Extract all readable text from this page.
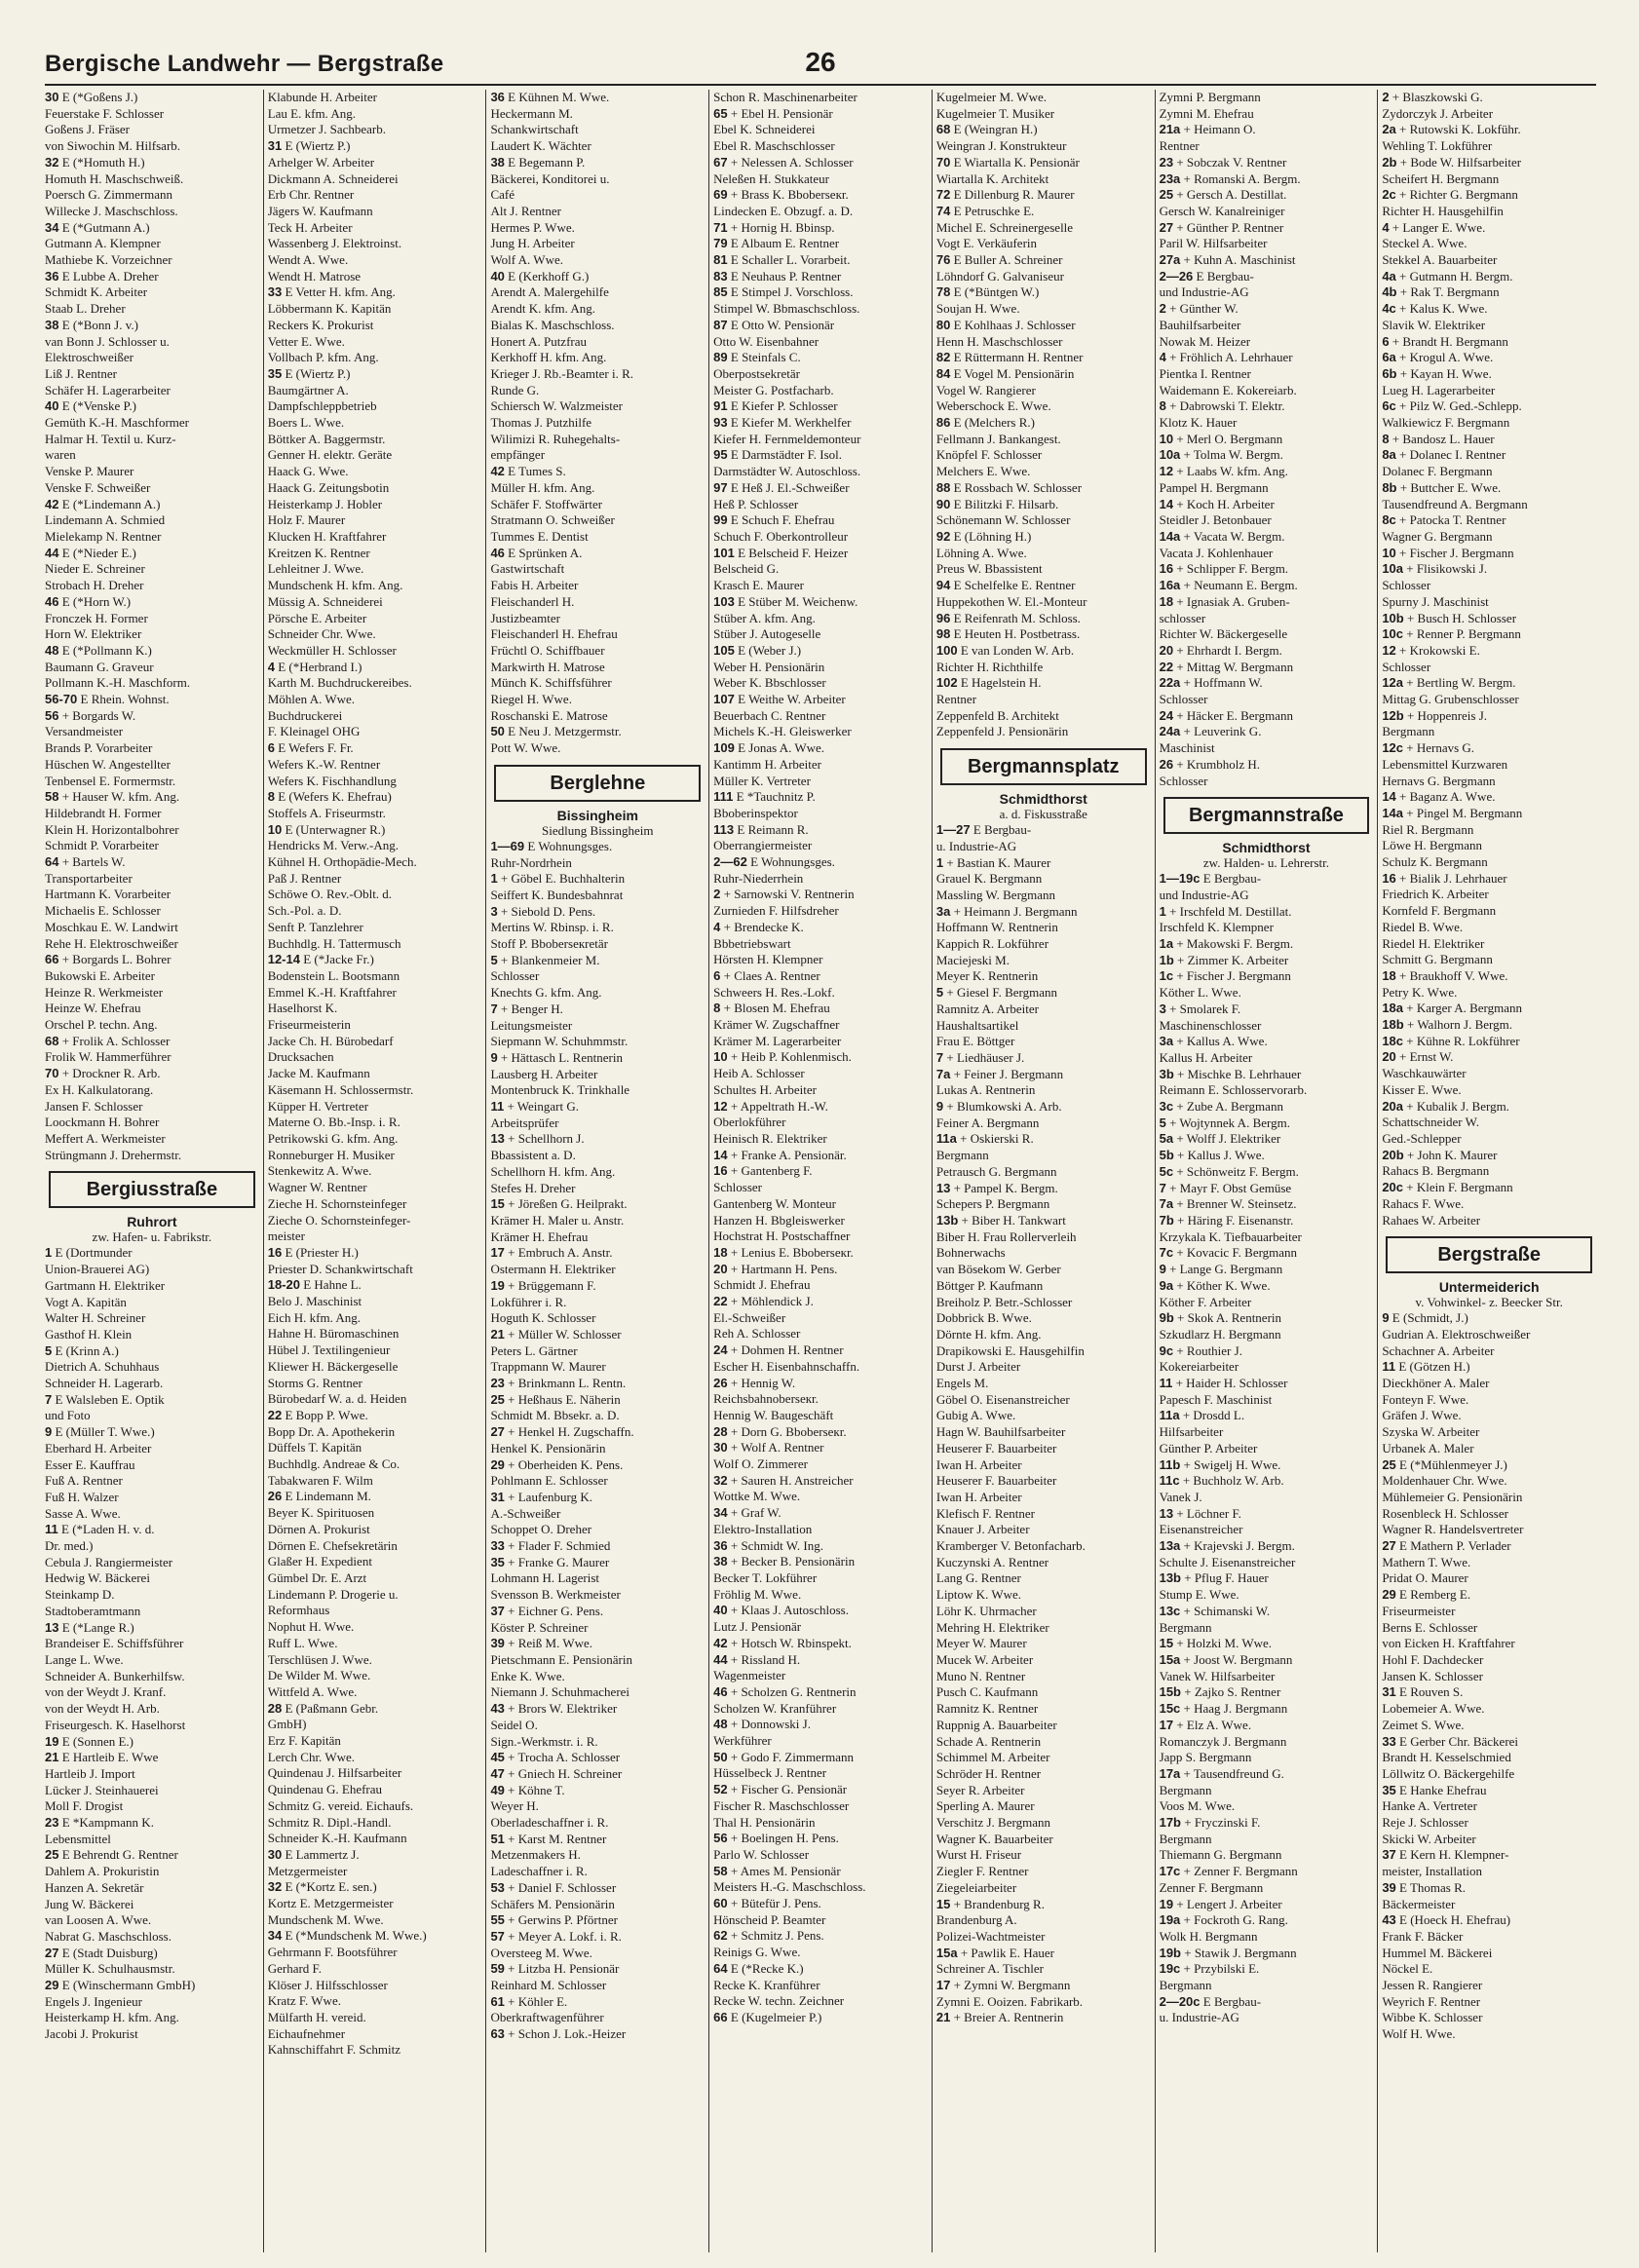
Bergische Landwehr — Bergstraße	26
30 E (*Goßens J.)
Feuerstake F. Schlosser
Goßens J. Fräser
von Siwochin M. Hilfsarb.
32 E (*Homuth H.)
Homuth H. Maschschweiß.
Poersch G. Zimmermann
Willecke J. Maschschloss.
34 E (*Gutmann A.)
Gutmann A. Klempner
Mathiebe K. Vorzeichner
36 E Lubbe A. Dreher
Schmidt K. Arbeiter
Staab L. Dreher
38 E (*Bonn J. v.)
van Bonn J. Schlosser u.
Elektroschweißer
Liß J. Rentner
Schäfer H. Lagerarbeiter
40 E (*Venske P.)
Gemüth K.-H. Maschformer
Halmar H. Textil u. Kurz-
waren
Venske P. Maurer
Venske F. Schweißer
42 E (*Lindemann A.)
Lindemann A. Schmied
Mielekamp N. Rentner
44 E (*Nieder E.)
Nieder E. Schreiner
Strobach H. Dreher
46 E (*Horn W.)
Fronczek H. Former
Horn W. Elektriker
48 E (*Pollmann K.)
Baumann G. Graveur
Pollmann K.-H. Maschform.
56-70 E Rhein. Wohnst.
56 + Borgards W.
Versandmeister
Brands P. Vorarbeiter
Hüschen W. Angestellter
Tenbensel E. Formermstr.
58 + Hauser W. kfm. Ang.
Hildebrandt H. Former
Klein H. Horizontalbohrer
Schmidt P. Vorarbeiter
64 + Bartels W.
Transportarbeiter
Hartmann K. Vorarbeiter
Michaelis E. Schlosser
Moschkau E. W. Landwirt
Rehe H. Elektroschweißer
66 + Borgards L. Bohrer
Bukowski E. Arbeiter
Heinze R. Werkmeister
Heinze W. Ehefrau
Orschel P. techn. Ang.
68 + Frolik A. Schlosser
Frolik W. Hammerführer
70 + Drockner R. Arb.
Ex H. Kalkulatorang.
Jansen F. Schlosser
Loockmann H. Bohrer
Meffert A. Werkmeister
Strüngmann J. Drehermstr.
Bergiusstraße
Ruhrort
zw. Hafen- u. Fabrikstr.
1 E (Dortmunder
Union-Brauerei AG)
Gartmann H. Elektriker
Vogt A. Kapitän
Walter H. Schreiner
Gasthof H. Klein
5 E (Krinn A.)
Dietrich A. Schuhhaus
Schneider H. Lagerarb.
7 E Walsleben E. Optik
und Foto
9 E (Müller T. Wwe.)
Eberhard H. Arbeiter
Esser E. Kauffrau
Fuß A. Rentner
Fuß H. Walzer
Sasse A. Wwe.
11 E (*Laden H. v. d.
Dr. med.)
Cebula J. Rangiermeister
Hedwig W. Bäckerei
Steinkamp D.
Stadtoberamtmann
13 E (*Lange R.)
Brandeiser E. Schiffsführer
Lange L. Wwe.
Schneider A. Bunkerhilfsw.
von der Weydt J. Kranf.
von der Weydt H. Arb.
Friseurgesch. K. Haselhorst
19 E (Sonnen E.)
21 E Hartleib E. Wwe
Hartleib J. Import
Lücker J. Steinhauerei
Moll F. Drogist
23 E *Kampmann K.
Lebensmittel
25 E Behrendt G. Rentner
Dahlem A. Prokuristin
Hanzen A. Sekretär
Jung W. Bäckerei
van Loosen A. Wwe.
Nabrat G. Maschschloss.
27 E (Stadt Duisburg)
Müller K. Schulhausmstr.
29 E (Winschermann GmbH)
Engels J. Ingenieur
Heisterkamp H. kfm. Ang.
Jacobi J. Prokurist
Klabunde H. Arbeiter
Lau E. kfm. Ang.
Urmetzer J. Sachbearb.
31 E (Wiertz P.)
Arhelger W. Arbeiter
Dickmann A. Schneiderei
Erb Chr. Rentner
Jägers W. Kaufmann
Teck H. Arbeiter
Wassenberg J. Elektroinst.
Wendt A. Wwe.
Wendt H. Matrose
33 E Vetter H. kfm. Ang.
Löbbermann K. Kapitän
Reckers K. Prokurist
Vetter E. Wwe.
Vollbach P. kfm. Ang.
35 E (Wiertz P.)
Baumgärtner A.
Dampfschleppbetrieb
Boers L. Wwe.
Böttker A. Baggermstr.
Genner H. elektr. Geräte
Haack G. Wwe.
Haack G. Zeitungsbotin
Heisterkamp J. Hobler
Holz F. Maurer
Klucken H. Kraftfahrer
Kreitzen K. Rentner
Lehleitner J. Wwe.
Mundschenk H. kfm. Ang.
Müssig A. Schneiderei
Pörsche E. Arbeiter
Schneider Chr. Wwe.
Weckmüller H. Schlosser
4 E (*Herbrand I.)
Karth M. Buchdruckereibes.
Möhlen A. Wwe.
Buchdruckerei
F. Kleinagel OHG
6 E Wefers F. Fr.
Wefers K.-W. Rentner
Wefers K. Fischhandlung
8 E (Wefers K. Ehefrau)
Stoffels A. Friseurmstr.
10 E (Unterwagner R.)
Hendricks M. Verw.-Ang.
Kühnel H. Orthopädie-Mech.
Paß J. Rentner
Schöwe O. Rev.-Oblt. d.
Sch.-Pol. a. D.
Senft P. Tanzlehrer
Buchhdlg. H. Tattermusch
12-14 E (*Jacke Fr.)
Bodenstein L. Bootsmann
Emmel K.-H. Kraftfahrer
Haselhorst K.
Friseurmeisterin
Jacke Ch. H. Bürobedarf
Drucksachen
Jacke M. Kaufmann
Käsemann H. Schlossermstr.
Küpper H. Vertreter
Materne O. Bb.-Insp. i. R.
Petrikowski G. kfm. Ang.
Ronneburger H. Musiker
Stenkewitz A. Wwe.
Wagner W. Rentner
Zieche H. Schornsteinfeger
Zieche O. Schornsteinfeger-
meister
16 E (Priester H.)
Priester D. Schankwirtschaft
18-20 E Hahne L.
Belo J. Maschinist
Eich H. kfm. Ang.
Hahne H. Büromaschinen
Hübel J. Textilingenieur
Kliewer H. Bäckergeselle
Storms G. Rentner
Bürobedarf W. a. d. Heiden
22 E Bopp P. Wwe.
Bopp Dr. A. Apothekerin
Düffels T. Kapitän
Buchhdlg. Andreae & Co.
Tabakwaren F. Wilm
26 E Lindemann M.
Beyer K. Spirituosen
Dörnen A. Prokurist
Dörnen E. Chefsekretärin
Glaßer H. Expedient
Gümbel Dr. E. Arzt
Lindemann P. Drogerie u.
Reformhaus
Nophut H. Wwe.
Ruff L. Wwe.
Terschlüsen J. Wwe.
De Wilder M. Wwe.
Wittfeld A. Wwe.
28 E (Paßmann Gebr.
GmbH)
Erz F. Kapitän
Lerch Chr. Wwe.
Quindenau J. Hilfsarbeiter
Quindenau G. Ehefrau
Schmitz G. vereid. Eichaufs.
Schmitz R. Dipl.-Handl.
Schneider K.-H. Kaufmann
30 E Lammertz J.
Metzgermeister
32 E (*Kortz E. sen.)
Kortz E. Metzgermeister
Mundschenk M. Wwe.
34 E (*Mundschenk M. Wwe.)
Gehrmann F. Bootsführer
Gerhard F.
Klöser J. Hilfsschlosser
Kratz F. Wwe.
Mülfarth H. vereid.
Eichaufnehmer
Kahnschiffahrt F. Schmitz
36 E Kühnen M. Wwe.
Heckermann M.
Schankwirtschaft
Laudert K. Wächter
38 E Begemann P.
Bäckerei, Konditorei u.
Café
Alt J. Rentner
Hermes P. Wwe.
Jung H. Arbeiter
Wolf A. Wwe.
40 E (Kerkhoff G.)
Arendt A. Malergehilfe
Arendt K. kfm. Ang.
Bialas K. Maschschloss.
Honert A. Putzfrau
Kerkhoff H. kfm. Ang.
Krieger J. Rb.-Beamter i. R.
Runde G.
Schiersch W. Walzmeister
Thomas J. Putzhilfe
Wilimizi R. Ruhegehalts-
empfänger
42 E Tumes S.
Müller H. kfm. Ang.
Schäfer F. Stoffwärter
Stratmann O. Schweißer
Tummes E. Dentist
46 E Sprünken A.
Gastwirtschaft
Fabis H. Arbeiter
Fleischanderl H.
Justizbeamter
Fleischanderl H. Ehefrau
Früchtl O. Schiffbauer
Markwirth H. Matrose
Münch K. Schiffsführer
Riegel H. Wwe.
Roschanski E. Matrose
50 E Neu J. Metzgermstr.
Pott W. Wwe.
Berglehne
Bissingheim
Siedlung Bissingheim
1—69 E Wohnungsges.
Ruhr-Nordrhein
1 + Göbel E. Buchhalterin
Seiffert K. Bundesbahnrat
3 + Siebold D. Pens.
Mertins W. Rbinsp. i. R.
Stoff P. Bboberseкretär
5 + Blankenmeier M.
Schlosser
Knechts G. kfm. Ang.
7 + Benger H.
Leitungsmeister
Siepmann W. Schuhmmstr.
9 + Hättasch L. Rentnerin
Lausberg H. Arbeiter
Montenbruck K. Trinkhalle
11 + Weingart G.
Arbeitsprüfer
13 + Schellhorn J.
Bbassistent a. D.
Schellhorn H. kfm. Ang.
Stefes H. Dreher
15 + Jöreßen G. Heilprakt.
Krämer H. Maler u. Anstr.
Krämer H. Ehefrau
17 + Embruch A. Anstr.
Ostermann H. Elektriker
19 + Brüggemann F.
Lokführer i. R.
Hoguth K. Schlosser
21 + Müller W. Schlosser
Peters L. Gärtner
Trappmann W. Maurer
23 + Brinkmann L. Rentn.
25 + Heßhaus E. Näherin
Schmidt M. Bbsekr. a. D.
27 + Henkel H. Zugschaffn.
Henkel K. Pensionärin
29 + Oberheiden K. Pens.
Pohlmann E. Schlosser
31 + Laufenburg K.
A.-Schweißer
Schoppet O. Dreher
33 + Flader F. Schmied
35 + Franke G. Maurer
Lohmann H. Lagerist
Svensson B. Werkmeister
37 + Eichner G. Pens.
Köster P. Schreiner
39 + Reiß M. Wwe.
Pietschmann E. Pensionärin
Enke K. Wwe.
Niemann J. Schuhmacherei
43 + Brors W. Elektriker
Seidel O.
Sign.-Werkmstr. i. R.
45 + Trocha A. Schlosser
47 + Gniech H. Schreiner
49 + Köhne T.
Weyer H.
Oberladeschaffner i. R.
51 + Karst M. Rentner
Metzenmakers H.
Ladeschaffner i. R.
53 + Daniel F. Schlosser
Schäfers M. Pensionärin
55 + Gerwins P. Pförtner
57 + Meyer A. Lokf. i. R.
Oversteeg M. Wwe.
59 + Litzba H. Pensionär
Reinhard M. Schlosser
61 + Köhler E.
Oberkraftwagenführer
63 + Schon J. Lok.-Heizer
Schon R. Maschinenarbeiter
65 + Ebel H. Pensionär
Ebel K. Schneiderei
Ebel R. Maschschlosser
67 + Nelessen A. Schlosser
Neleßen H. Stukkateur
69 + Brass K. Bboberseкr.
Lindecken E. Obzugf. a. D.
71 + Hornig H. Bbinsp.
79 E Albaum E. Rentner
81 E Schaller L. Vorarbeit.
83 E Neuhaus P. Rentner
85 E Stimpel J. Vorschloss.
Stimpel W. Bbmaschschloss.
87 E Otto W. Pensionär
Otto W. Eisenbahner
89 E Steinfals C.
Oberpostsekretär
Meister G. Postfacharb.
91 E Kiefer P. Schlosser
93 E Kiefer M. Werkhelfer
Kiefer H. Fernmeldemonteur
95 E Darmstädter F. Isol.
Darmstädter W. Autoschloss.
97 E Heß J. El.-Schweißer
Heß P. Schlosser
99 E Schuch F. Ehefrau
Schuch F. Oberkontrolleur
101 E Belscheid F. Heizer
Belscheid G.
Krasch E. Maurer
103 E Stüber M. Weichenw.
Stüber A. kfm. Ang.
Stüber J. Autogeselle
105 E (Weber J.)
Weber H. Pensionärin
Weber K. Bbschlosser
107 E Weithe W. Arbeiter
Beuerbach C. Rentner
Michels K.-H. Gleiswerker
109 E Jonas A. Wwe.
Kantimm H. Arbeiter
Müller K. Vertreter
111 E *Tauchnitz P.
Bboberinspektor
113 E Reimann R.
Oberrangiermeister
2—62 E Wohnungsges.
Ruhr-Niederrhein
2 + Sarnowski V. Rentnerin
Zurnieden F. Hilfsdreher
4 + Brendecke K.
Bbbetriebswart
Hörsten H. Klempner
6 + Claes A. Rentner
Schweers H. Res.-Lokf.
8 + Blosen M. Ehefrau
Krämer W. Zugschaffner
Krämer M. Lagerarbeiter
10 + Heib P. Kohlenmisch.
Heib A. Schlosser
Schultes H. Arbeiter
12 + Appeltrath H.-W.
Oberlokführer
Heinisch R. Elektriker
14 + Franke A. Pensionär.
16 + Gantenberg F.
Schlosser
Gantenberg W. Monteur
Hanzen H. Bbgleiswerker
Hochstrat H. Postschaffner
18 + Lenius E. Bboberseкr.
20 + Hartmann H. Pens.
Schmidt J. Ehefrau
22 + Möhlendick J.
El.-Schweißer
Reh A. Schlosser
24 + Dohmen H. Rentner
Escher H. Eisenbahnschaffn.
26 + Hennig W.
Reichsbahnoberseкr.
Hennig W. Baugeschäft
28 + Dorn G. Bboberseкr.
30 + Wolf A. Rentner
Wolf O. Zimmerer
32 + Sauren H. Anstreicher
Wottke M. Wwe.
34 + Graf W.
Elektro-Installation
36 + Schmidt W. Ing.
38 + Becker B. Pensionärin
Becker T. Lokführer
Fröhlig M. Wwe.
40 + Klaas J. Autoschloss.
Lutz J. Pensionär
42 + Hotsch W. Rbinspekt.
44 + Rissland H.
Wagenmeister
46 + Scholzen G. Rentnerin
Scholzen W. Kranführer
48 + Donnowski J.
Werkführer
50 + Godo F. Zimmermann
Hüsselbeck J. Rentner
52 + Fischer G. Pensionär
Fischer R. Maschschlosser
Thal H. Pensionärin
56 + Boelingen H. Pens.
Parlo W. Schlosser
58 + Ames M. Pensionär
Meisters H.-G. Maschschloss.
60 + Bütefür J. Pens.
Hönscheid P. Beamter
62 + Schmitz J. Pens.
Reinigs G. Wwe.
64 E (*Recke K.)
Recke K. Kranführer
Recke W. techn. Zeichner
66 E (Kugelmeier P.)
Kugelmeier M. Wwe.
Kugelmeier T. Musiker
68 E (Weingran H.)
Weingran J. Konstrukteur
70 E Wiartalla K. Pensionär
Wiartalla K. Architekt
72 E Dillenburg R. Maurer
74 E Petruschke E.
Michel E. Schreinergeselle
Vogt E. Verkäuferin
76 E Buller A. Schreiner
Löhndorf G. Galvaniseur
78 E (*Büntgen W.)
Soujan H. Wwe.
80 E Kohlhaas J. Schlosser
Henn H. Maschschlosser
82 E Rüttermann H. Rentner
84 E Vogel M. Pensionärin
Vogel W. Rangierer
Weberschock E. Wwe.
86 E (Melchers R.)
Fellmann J. Bankangest.
Knöpfel F. Schlosser
Melchers E. Wwe.
88 E Rossbach W. Schlosser
90 E Bilitzki F. Hilsarb.
Schönemann W. Schlosser
92 E (Löhning H.)
Löhning A. Wwe.
Preus W. Bbassistent
94 E Schelfelke E. Rentner
Huppekothen W. El.-Monteur
96 E Reifenrath M. Schloss.
98 E Heuten H. Postbetrass.
100 E van Londen W. Arb.
Richter H. Richthilfe
102 E Hagelstein H.
Rentner
Zeppenfeld B. Architekt
Zeppenfeld J. Pensionärin
Bergmannsplatz
Schmidthorst
a. d. Fiskusstraße
1—27 E Bergbau-
u. Industrie-AG
1 + Bastian K. Maurer
Grauel K. Bergmann
Massling W. Bergmann
3a + Heimann J. Bergmann
Hoffmann W. Rentnerin
Kappich R. Lokführer
Maciejeski M.
Meyer K. Rentnerin
5 + Giesel F. Bergmann
Ramnitz A. Arbeiter
Haushaltsartikel
Frau E. Böttger
7 + Liedhäuser J.
7a + Feiner J. Bergmann
Lukas A. Rentnerin
9 + Blumkowski A. Arb.
Feiner A. Bergmann
11a + Oskierski R.
Bergmann
Petrausch G. Bergmann
13 + Pampel K. Bergm.
Schepers P. Bergmann
13b + Biber H. Tankwart
Biber H. Frau Rollerverleih
Bohnerwachs
van Bösekom W. Gerber
Böttger P. Kaufmann
Breiholz P. Betr.-Schlosser
Dobbrick B. Wwe.
Dörnte H. kfm. Ang.
Drapikowski E. Hausgehilfin
Durst J. Arbeiter
Engels M.
Göbel O. Eisenanstreicher
Gubig A. Wwe.
Hagn W. Bauhilfsarbeiter
Heuserer F. Bauarbeiter
Iwan H. Arbeiter
Heuserer F. Bauarbeiter
Iwan H. Arbeiter
Klefisch F. Rentner
Knauer J. Arbeiter
Kramberger V. Betonfacharb.
Kuczynski A. Rentner
Lang G. Rentner
Liptow K. Wwe.
Löhr K. Uhrmacher
Mehring H. Elektriker
Meyer W. Maurer
Mucek W. Arbeiter
Muno N. Rentner
Pusch C. Kaufmann
Ramnitz K. Rentner
Ruppnig A. Bauarbeiter
Schade A. Rentnerin
Schimmel M. Arbeiter
Schröder H. Rentner
Seyer R. Arbeiter
Sperling A. Maurer
Verschitz J. Bergmann
Wagner K. Bauarbeiter
Wurst H. Friseur
Ziegler F. Rentner
Ziegeleiarbeiter
15 + Brandenburg R.
Brandenburg A.
Polizei-Wachtmeister
15a + Pawlik E. Hauer
Schreiner A. Tischler
17 + Zymni W. Bergmann
Zymni E. Ooizen. Fabrikarb.
21 + Breier A. Rentnerin
Zymni P. Bergmann
Zymni M. Ehefrau
21a + Heimann O.
Rentner
23 + Sobczak V. Rentner
23a + Romanski A. Bergm.
25 + Gersch A. Destillat.
Gersch W. Kanalreiniger
27 + Günther P. Rentner
Paril W. Hilfsarbeiter
27a + Kuhn A. Maschinist
2—26 E Bergbau-
und Industrie-AG
2 + Günther W.
Bauhilfsarbeiter
Nowak M. Heizer
4 + Fröhlich A. Lehrhauer
Pientka I. Rentner
Waidemann E. Kokereiarb.
8 + Dabrowski T. Elektr.
Klotz K. Hauer
10 + Merl O. Bergmann
10a + Tolma W. Bergm.
12 + Laabs W. kfm. Ang.
Pampel H. Bergmann
14 + Koch H. Arbeiter
Steidler J. Betonbauer
14a + Vacata W. Bergm.
Vacata J. Kohlenhauer
16 + Schlipper F. Bergm.
16a + Neumann E. Bergm.
18 + Ignasiak A. Gruben-
schlosser
Richter W. Bäckergeselle
20 + Ehrhardt I. Bergm.
22 + Mittag W. Bergmann
22a + Hoffmann W.
Schlosser
24 + Häcker E. Bergmann
24a + Leuverink G.
Maschinist
26 + Krumbholz H.
Schlosser
Bergmannstraße
Schmidthorst
zw. Halden- u. Lehrerstr.
1—19c E Bergbau-
und Industrie-AG
1 + Irschfeld M. Destillat.
Irschfeld K. Klempner
1a + Makowski F. Bergm.
1b + Zimmer K. Arbeiter
1c + Fischer J. Bergmann
Köther L. Wwe.
3 + Smolarek F.
Maschinenschlosser
3a + Kallus A. Wwe.
Kallus H. Arbeiter
3b + Mischke B. Lehrhauer
Reimann E. Schlosservorarb.
3c + Zube A. Bergmann
5 + Wojtynnek A. Bergm.
5a + Wolff J. Elektriker
5b + Kallus J. Wwe.
5c + Schönweitz F. Bergm.
7 + Mayr F. Obst Gemüse
7a + Brenner W. Steinsetz.
7b + Häring F. Eisenanstr.
Krzykala K. Tiefbauarbeiter
7c + Kovacic F. Bergmann
9 + Lange G. Bergmann
9a + Köther K. Wwe.
Köther F. Arbeiter
9b + Skok A. Rentnerin
Szkudlarz H. Bergmann
9c + Routhier J.
Kokereiarbeiter
11 + Haider H. Schlosser
Papesch F. Maschinist
11a + Drosdd L.
Hilfsarbeiter
Günther P. Arbeiter
11b + Swigelj H. Wwe.
11c + Buchholz W. Arb.
Vanek J.
13 + Löchner F.
Eisenanstreicher
13a + Krajevski J. Bergm.
Schulte J. Eisenanstreicher
13b + Pflug F. Hauer
Stump E. Wwe.
13c + Schimanski W.
Bergmann
15 + Holzki M. Wwe.
15a + Joost W. Bergmann
Vanek W. Hilfsarbeiter
15b + Zajko S. Rentner
15c + Haag J. Bergmann
17 + Elz A. Wwe.
Romanczyk J. Bergmann
Japp S. Bergmann
17a + Tausendfreund G.
Bergmann
Voos M. Wwe.
17b + Fryczinski F.
Bergmann
Thiemann G. Bergmann
17c + Zenner F. Bergmann
Zenner F. Bergmann
19 + Lengert J. Arbeiter
19a + Fockroth G. Rang.
Wolk H. Bergmann
19b + Stawik J. Bergmann
19c + Przybilski E.
Bergmann
2—20c E Bergbau-
u. Industrie-AG
2 + Blaszkowski G.
Zydorczyk J. Arbeiter
2a + Rutowski K. Lokführ.
Wehling T. Lokführer
2b + Bode W. Hilfsarbeiter
Scheifert H. Bergmann
2c + Richter G. Bergmann
Richter H. Hausgehilfin
4 + Langer E. Wwe.
Steckel A. Wwe.
Stekkel A. Bauarbeiter
4a + Gutmann H. Bergm.
4b + Rak T. Bergmann
4c + Kalus K. Wwe.
Slavik W. Elektriker
6 + Brandt H. Bergmann
6a + Krogul A. Wwe.
6b + Kayan H. Wwe.
Lueg H. Lagerarbeiter
6c + Pilz W. Ged.-Schlepp.
Walkiewicz F. Bergmann
8 + Bandosz L. Hauer
8a + Dolanec I. Rentner
Dolanec F. Bergmann
8b + Buttcher E. Wwe.
Tausendfreund A. Bergmann
8c + Patocka T. Rentner
Wagner G. Bergmann
10 + Fischer J. Bergmann
10a + Flisikowski J.
Schlosser
Spurny J. Maschinist
10b + Busch H. Schlosser
10c + Renner P. Bergmann
12 + Krokowski E.
Schlosser
12a + Bertling W. Bergm.
Mittag G. Grubenschlosser
12b + Hoppenreis J.
Bergmann
12c + Hernavs G.
Lebensmittel Kurzwaren
Hernavs G. Bergmann
14 + Baganz A. Wwe.
14a + Pingel M. Bergmann
Riel R. Bergmann
Löwe H. Bergmann
Schulz K. Bergmann
16 + Bialik J. Lehrhauer
Friedrich K. Arbeiter
Kornfeld F. Bergmann
Riedel B. Wwe.
Riedel H. Elektriker
Schmitt G. Bergmann
18 + Braukhoff V. Wwe.
Petry K. Wwe.
18a + Karger A. Bergmann
18b + Walhorn J. Bergm.
18c + Kühne R. Lokführer
20 + Ernst W.
Waschkauwärter
Kisser E. Wwe.
20a + Kubalik J. Bergm.
Schattschneider W.
Ged.-Schlepper
20b + John K. Maurer
Rahacs B. Bergmann
20c + Klein F. Bergmann
Rahacs F. Wwe.
Rahaes W. Arbeiter
Bergstraße
Untermeiderich
v. Vohwinkel- z. Beecker Str.
9 E (Schmidt, J.)
Gudrian A. Elektroschweißer
Schachner A. Arbeiter
11 E (Götzen H.)
Dieckhöner A. Maler
Fonteyn F. Wwe.
Gräfen J. Wwe.
Szyska W. Arbeiter
Urbanek A. Maler
25 E (*Mühlenmeyer J.)
Moldenhauer Chr. Wwe.
Mühlemeier G. Pensionärin
Rosenbleck H. Schlosser
Wagner R. Handelsvertreter
27 E Mathern P. Verlader
Mathern T. Wwe.
Pridat O. Maurer
29 E Remberg E.
Friseurmeister
Berns E. Schlosser
von Eicken H. Kraftfahrer
Hohl F. Dachdecker
Jansen K. Schlosser
31 E Rouven S.
Lobemeier A. Wwe.
Zeimet S. Wwe.
33 E Gerber Chr. Bäckerei
Brandt H. Kesselschmied
Löllwitz O. Bäckergehilfe
35 E Hanke Ehefrau
Hanke A. Vertreter
Reje J. Schlosser
Skicki W. Arbeiter
37 E Kern H. Klempner-
meister, Installation
39 E Thomas R.
Bäckermeister
43 E (Hoeck H. Ehefrau)
Frank F. Bäcker
Hummel M. Bäckerei
Nöckel E.
Jessen R. Rangierer
Weyrich F. Rentner
Wibbe K. Schlosser
Wolf H. Wwe.
